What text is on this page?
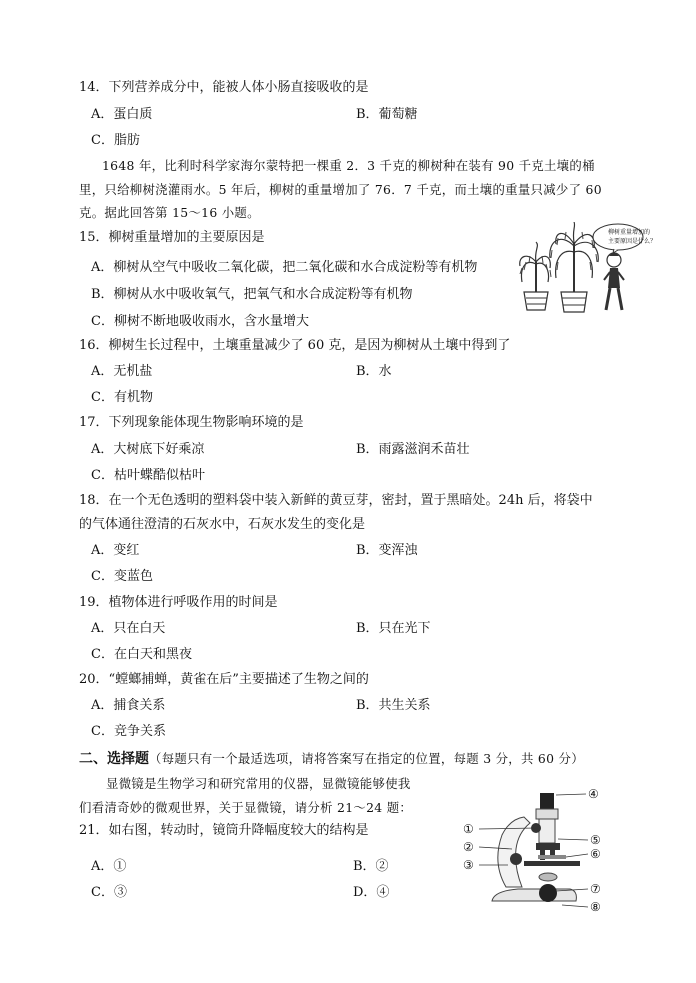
14．下列营养成分中，能被人体小肠直接吸收的是
A．蛋白质	B．葡萄糖
C．脂肪
1648 年，比利时科学家海尔蒙特把一棵重 2．3 千克的柳树种在装有 90 千克土壤的桶
里，只给柳树浇灌雨水。5 年后，柳树的重量增加了 76．7 千克，而土壤的重量只减少了 60
克。据此回答第 15～16 小题。
15．柳树重量增加的主要原因是
A．柳树从空气中吸收二氧化碳，把二氧化碳和水合成淀粉等有机物
B．柳树从水中吸收氧气，把氧气和水合成淀粉等有机物
C．柳树不断地吸收雨水，含水量增大
柳树重量增加的
主要原因是什么？
16．柳树生长过程中，土壤重量减少了 60 克，是因为柳树从土壤中得到了
A．无机盐	B．水
C．有机物
17．下列现象能体现生物影响环境的是
A．大树底下好乘凉	B．雨露滋润禾苗壮
C．枯叶蝶酷似枯叶
18．在一个无色透明的塑料袋中装入新鲜的黄豆芽，密封，置于黑暗处。24h 后，将袋中
的气体通往澄清的石灰水中，石灰水发生的变化是
A．变红	B．变浑浊
C．变蓝色
19．植物体进行呼吸作用的时间是
A．只在白天	B．只在光下
C．在白天和黑夜
20．“螳螂捕蝉，黄雀在后”主要描述了生物之间的
A．捕食关系	B．共生关系
C．竞争关系
二、选择题（每题只有一个最适选项，请将答案写在指定的位置，每题 3 分，共 60 分）
显微镜是生物学习和研究常用的仪器，显微镜能够使我
们看清奇妙的微观世界，关于显微镜，请分析 21～24 题：
21．如右图，转动时，镜筒升降幅度较大的结构是
A．①	B．②
C．③	D．④
①
②
③
④
⑤
⑥
⑦
⑧
